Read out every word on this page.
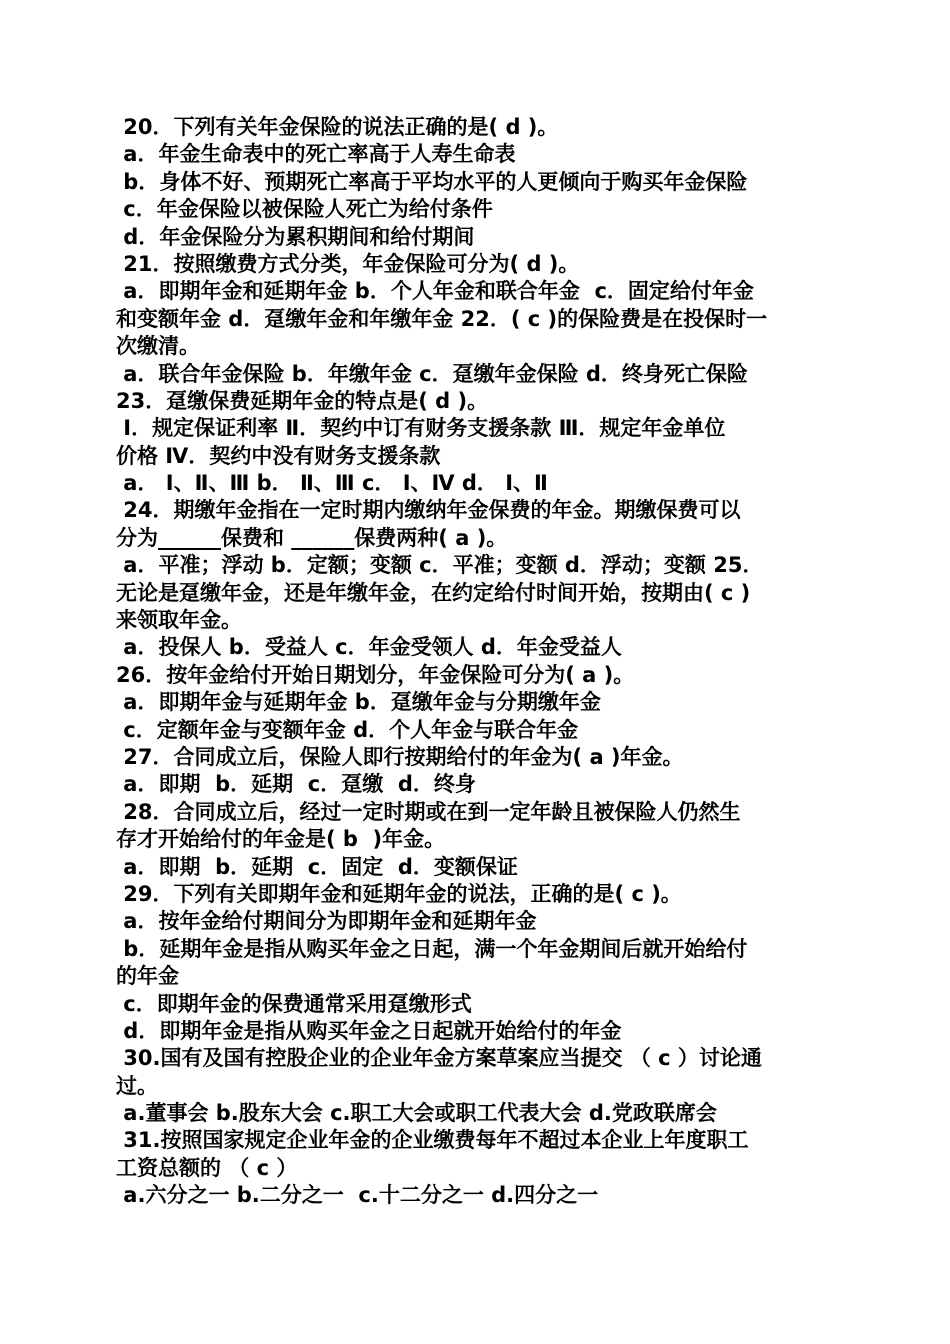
20．下列有关年金保险的说法正确的是( d )。
a．年金生命表中的死亡率高于人寿生命表
b．身体不好、预期死亡率高于平均水平的人更倾向于购买年金保险
c．年金保险以被保险人死亡为给付条件
d．年金保险分为累积期间和给付期间
21．按照缴费方式分类，年金保险可分为( d )。
a．即期年金和延期年金 b．个人年金和联合年金  c．固定给付年金
和变额年金 d．趸缴年金和年缴年金 22．( c )的保险费是在投保时一
次缴清。
a．联合年金保险 b．年缴年金 c．趸缴年金保险 d．终身死亡保险
23．趸缴保费延期年金的特点是( d )。
Ⅰ．规定保证利率 Ⅱ．契约中订有财务支援条款 Ⅲ．规定年金单位
价格 Ⅳ．契约中没有财务支援条款
a． Ⅰ、Ⅱ、Ⅲ b． Ⅱ、Ⅲ c． Ⅰ、Ⅳ d． Ⅰ、Ⅱ
24．期缴年金指在一定时期内缴纳年金保费的年金。期缴保费可以
分为______保费和 ______保费两种( a )。
a．平准；浮动 b．定额；变额 c．平准；变额 d．浮动；变额 25．
无论是趸缴年金，还是年缴年金，在约定给付时间开始，按期由( c )
来领取年金。
a．投保人 b．受益人 c．年金受领人 d．年金受益人
26．按年金给付开始日期划分，年金保险可分为( a )。
a．即期年金与延期年金 b．趸缴年金与分期缴年金
c．定额年金与变额年金 d．个人年金与联合年金
27．合同成立后，保险人即行按期给付的年金为( a )年金。
a．即期  b．延期  c．趸缴  d．终身
28．合同成立后，经过一定时期或在到一定年龄且被保险人仍然生
存才开始给付的年金是( b  )年金。
a．即期  b．延期  c．固定  d．变额保证
29．下列有关即期年金和延期年金的说法，正确的是( c )。
a．按年金给付期间分为即期年金和延期年金
b．延期年金是指从购买年金之日起，满一个年金期间后就开始给付
的年金
c．即期年金的保费通常采用趸缴形式
d．即期年金是指从购买年金之日起就开始给付的年金
30.国有及国有控股企业的企业年金方案草案应当提交 （ c ）讨论通
过。
a.董事会 b.股东大会 c.职工大会或职工代表大会 d.党政联席会
31.按照国家规定企业年金的企业缴费每年不超过本企业上年度职工
工资总额的 （ c ）
a.六分之一 b.二分之一  c.十二分之一 d.四分之一
